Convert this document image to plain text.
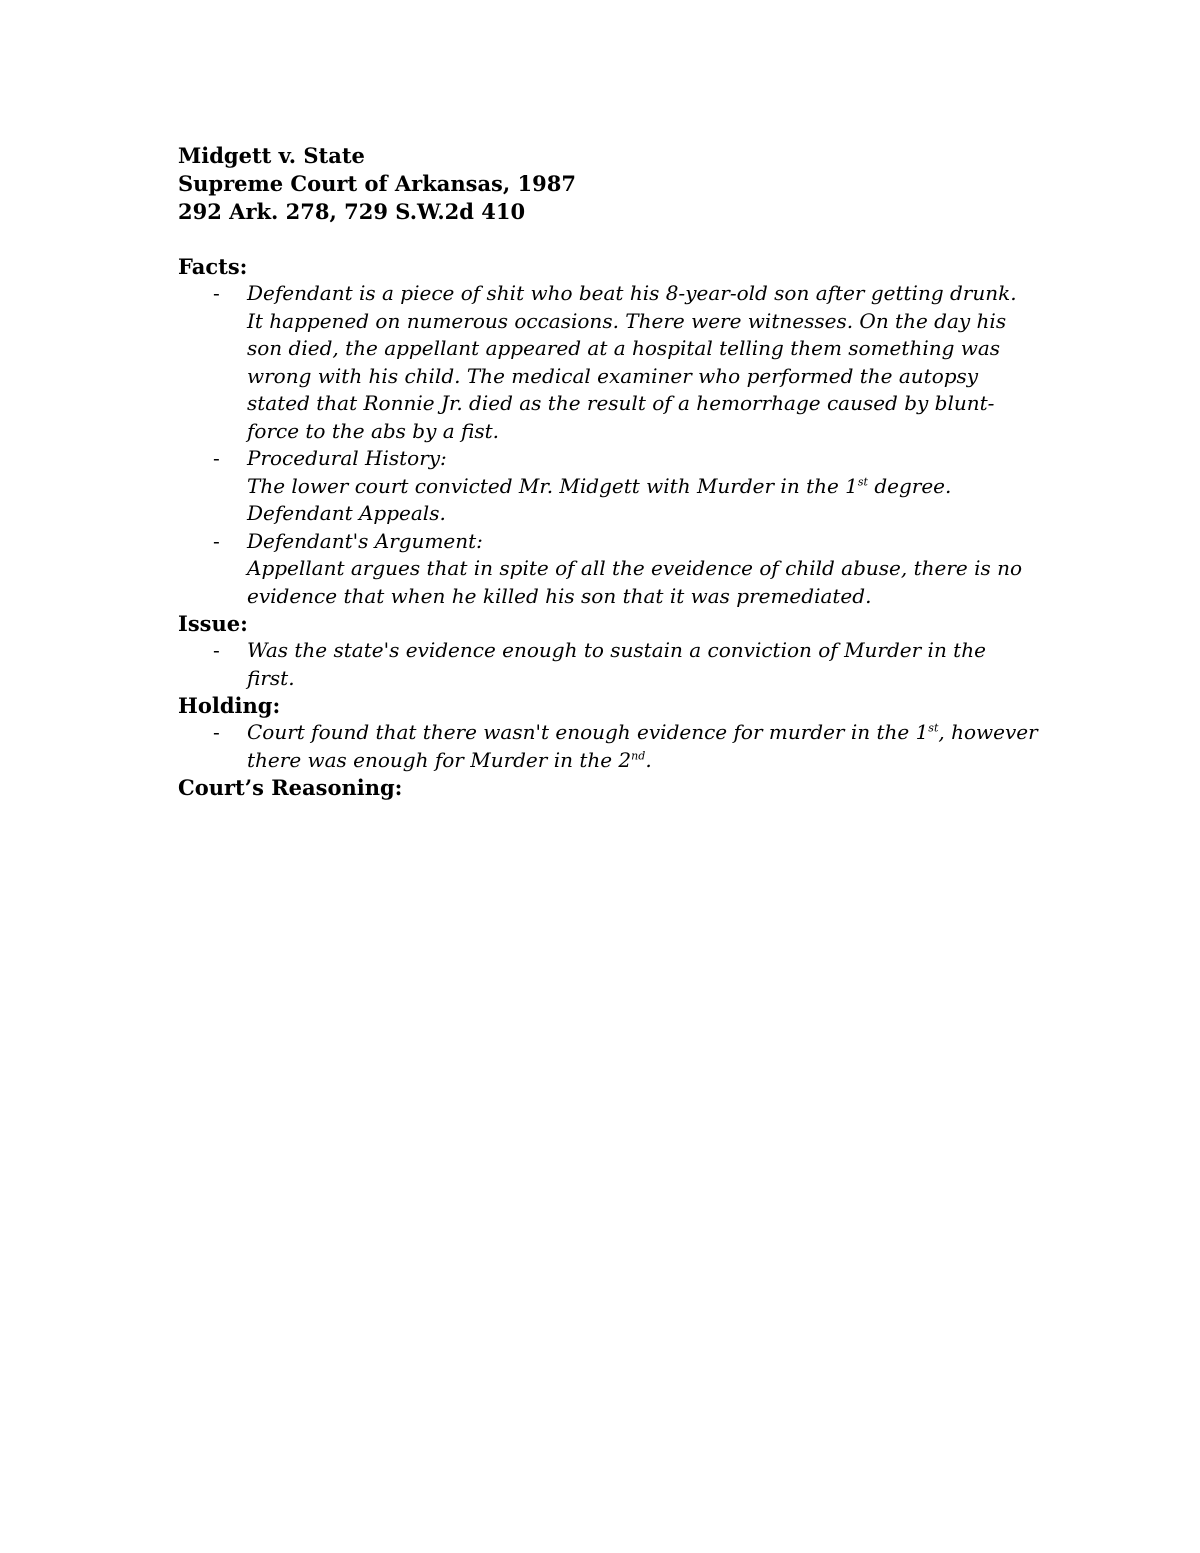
Midgett v. State

Supreme Court of Arkansas, 1987

292 Ark. 278, 729 S.W.2d 410

Facts:

- Defendant is a piece of shit who beat his 8-year-old son after getting drunk. It happened on numerous occasions. There were witnesses. On the day his son died, the appellant appeared at a hospital telling them something was wrong with his child. The medical examiner who performed the autopsy stated that Ronnie Jr. died as the result of a hemorrhage caused by blunt-force to the abs by a fist.
- Procedural History:
The lower court convicted Mr. Midgett with Murder in the 1st degree. Defendant Appeals.
- Defendant's Argument:
Appellant argues that in spite of all the eveidence of child abuse, there is no evidence that when he killed his son that it was premediated.

Issue:

- Was the state's evidence enough to sustain a conviction of Murder in the first.

Holding:

- Court found that there wasn't enough evidence for murder in the 1st, however there was enough for Murder in the 2nd.

Court’s Reasoning:
